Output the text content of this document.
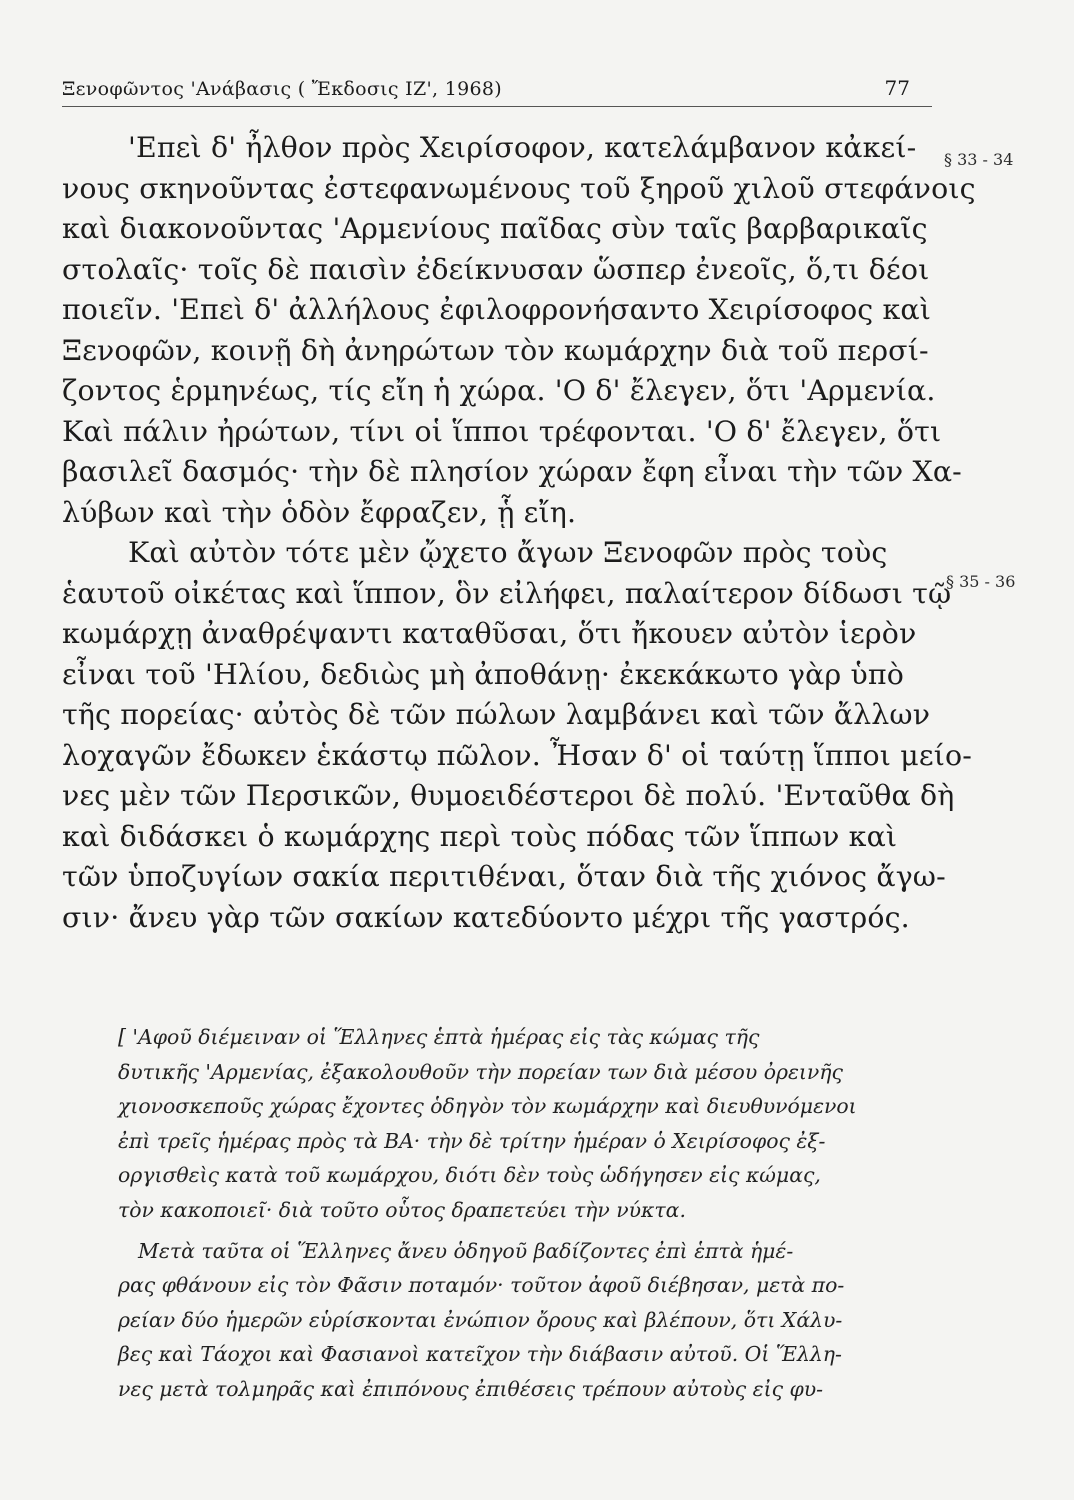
Ξενοφῶντος 'Ανάβασις ( Ἔκδοσις ΙΖ', 1968)	77
§ 33 - 34
§ 35 - 36
'Επεὶ δ' ἦλθον πρὸς Χειρίσοφον, κατελάμβανον κἀκεί-
νους σκηνοῦντας ἐστεφανωμένους τοῦ ξηροῦ χιλοῦ στεφάνοις
καὶ διακονοῦντας 'Αρμενίους παῖδας σὺν ταῖς βαρβαρικαῖς
στολαῖς· τοῖς δὲ παισὶν ἐδείκνυσαν ὥσπερ ἐνεοῖς, ὅ,τι δέοι
ποιεῖν. 'Επεὶ δ' ἀλλήλους ἐφιλοφρονήσαντο Χειρίσοφος καὶ
Ξενοφῶν, κοινῇ δὴ ἀνηρώτων τὸν κωμάρχην διὰ τοῦ περσί-
ζοντος ἑρμηνέως, τίς εἴη ἡ χώρα. 'Ο δ' ἔλεγεν, ὅτι 'Αρμενία.
Καὶ πάλιν ἠρώτων, τίνι οἱ ἵπποι τρέφονται. 'Ο δ' ἔλεγεν, ὅτι
βασιλεῖ δασμός· τὴν δὲ πλησίον χώραν ἔφη εἶναι τὴν τῶν Χα-
λύβων καὶ τὴν ὁδὸν ἔφραζεν, ᾗ εἴη.
Καὶ αὐτὸν τότε μὲν ᾤχετο ἄγων Ξενοφῶν πρὸς τοὺς
ἑαυτοῦ οἰκέτας καὶ ἵππον, ὃν εἰλήφει, παλαίτερον δίδωσι τῷ
κωμάρχῃ ἀναθρέψαντι καταθῦσαι, ὅτι ἤκουεν αὐτὸν ἱερὸν
εἶναι τοῦ 'Ηλίου, δεδιὼς μὴ ἀποθάνῃ· ἐκεκάκωτο γὰρ ὑπὸ
τῆς πορείας· αὐτὸς δὲ τῶν πώλων λαμβάνει καὶ τῶν ἄλλων
λοχαγῶν ἔδωκεν ἑκάστῳ πῶλον. Ἦσαν δ' οἱ ταύτῃ ἵπποι μείο-
νες μὲν τῶν Περσικῶν, θυμοειδέστεροι δὲ πολύ. 'Ενταῦθα δὴ
καὶ διδάσκει ὁ κωμάρχης περὶ τοὺς πόδας τῶν ἵππων καὶ
τῶν ὑποζυγίων σακία περιτιθέναι, ὅταν διὰ τῆς χιόνος ἄγω-
σιν· ἄνευ γὰρ τῶν σακίων κατεδύοντο μέχρι τῆς γαστρός.
[ 'Αφοῦ διέμειναν οἱ Ἕλληνες ἑπτὰ ἡμέρας εἰς τὰς κώμας τῆς
δυτικῆς 'Αρμενίας, ἐξακολουθοῦν τὴν πορείαν των διὰ μέσου ὀρεινῆς
χιονοσκεποῦς χώρας ἔχοντες ὁδηγὸν τὸν κωμάρχην καὶ διευθυνόμενοι
ἐπὶ τρεῖς ἡμέρας πρὸς τὰ ΒΑ· τὴν δὲ τρίτην ἡμέραν ὁ Χειρίσοφος ἐξ-
οργισθεὶς κατὰ τοῦ κωμάρχου, διότι δὲν τοὺς ὡδήγησεν εἰς κώμας,
τὸν κακοποιεῖ· διὰ τοῦτο οὗτος δραπετεύει τὴν νύκτα.
Μετὰ ταῦτα οἱ Ἕλληνες ἄνευ ὁδηγοῦ βαδίζοντες ἐπὶ ἑπτὰ ἡμέ-
ρας φθάνουν εἰς τὸν Φᾶσιν ποταμόν· τοῦτον ἀφοῦ διέβησαν, μετὰ πο-
ρείαν δύο ἡμερῶν εὑρίσκονται ἐνώπιον ὄρους καὶ βλέπουν, ὅτι Χάλυ-
βες καὶ Τάοχοι καὶ Φασιανοὶ κατεῖχον τὴν διάβασιν αὐτοῦ. Οἱ Ἕλλη-
νες μετὰ τολμηρᾶς καὶ ἐπιπόνους ἐπιθέσεις τρέπουν αὐτοὺς εἰς φυ-
